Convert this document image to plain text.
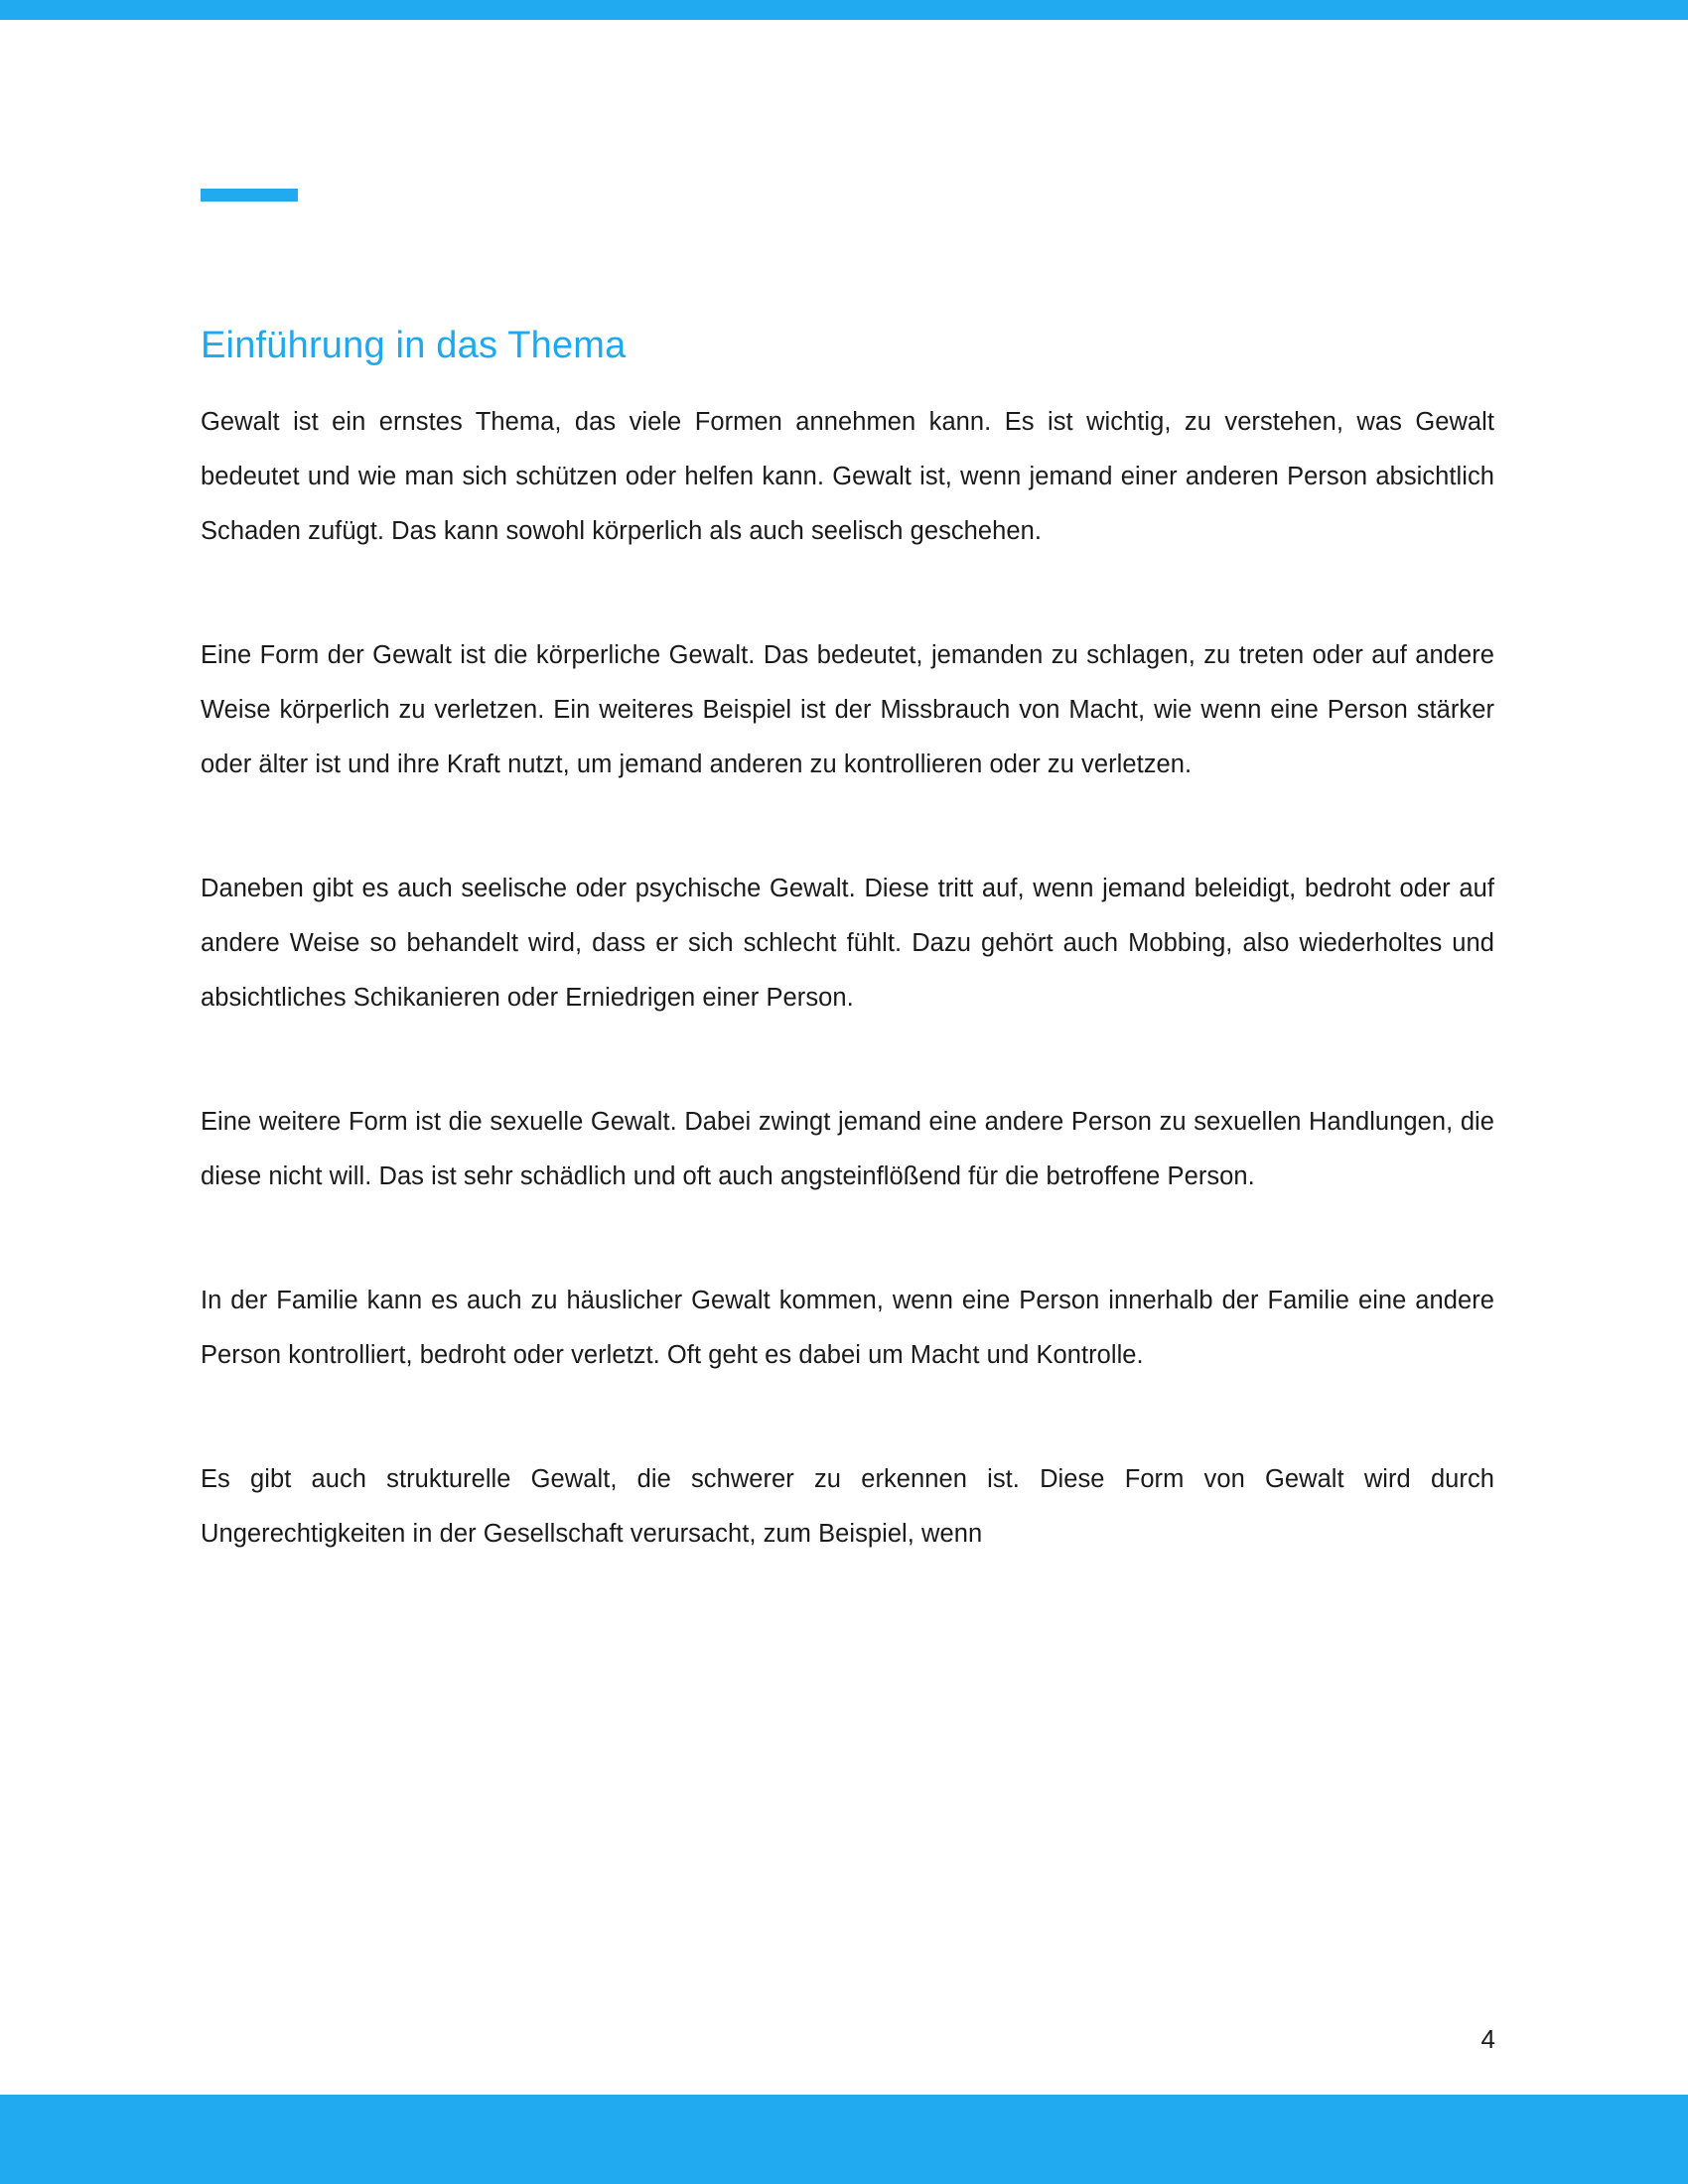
Einführung in das Thema

Gewalt ist ein ernstes Thema, das viele Formen annehmen kann. Es ist wichtig, zu verstehen, was Gewalt bedeutet und wie man sich schützen oder helfen kann. Gewalt ist, wenn jemand einer anderen Person absichtlich Schaden zufügt. Das kann sowohl körperlich als auch seelisch geschehen.

Eine Form der Gewalt ist die körperliche Gewalt. Das bedeutet, jemanden zu schlagen, zu treten oder auf andere Weise körperlich zu verletzen. Ein weiteres Beispiel ist der Missbrauch von Macht, wie wenn eine Person stärker oder älter ist und ihre Kraft nutzt, um jemand anderen zu kontrollieren oder zu verletzen.

Daneben gibt es auch seelische oder psychische Gewalt. Diese tritt auf, wenn jemand beleidigt, bedroht oder auf andere Weise so behandelt wird, dass er sich schlecht fühlt. Dazu gehört auch Mobbing, also wiederholtes und absichtliches Schikanieren oder Erniedrigen einer Person.

Eine weitere Form ist die sexuelle Gewalt. Dabei zwingt jemand eine andere Person zu sexuellen Handlungen, die diese nicht will. Das ist sehr schädlich und oft auch angsteinflößend für die betroffene Person.

In der Familie kann es auch zu häuslicher Gewalt kommen, wenn eine Person innerhalb der Familie eine andere Person kontrolliert, bedroht oder verletzt. Oft geht es dabei um Macht und Kontrolle.

Es gibt auch strukturelle Gewalt, die schwerer zu erkennen ist. Diese Form von Gewalt wird durch Ungerechtigkeiten in der Gesellschaft verursacht, zum Beispiel, wenn

4
